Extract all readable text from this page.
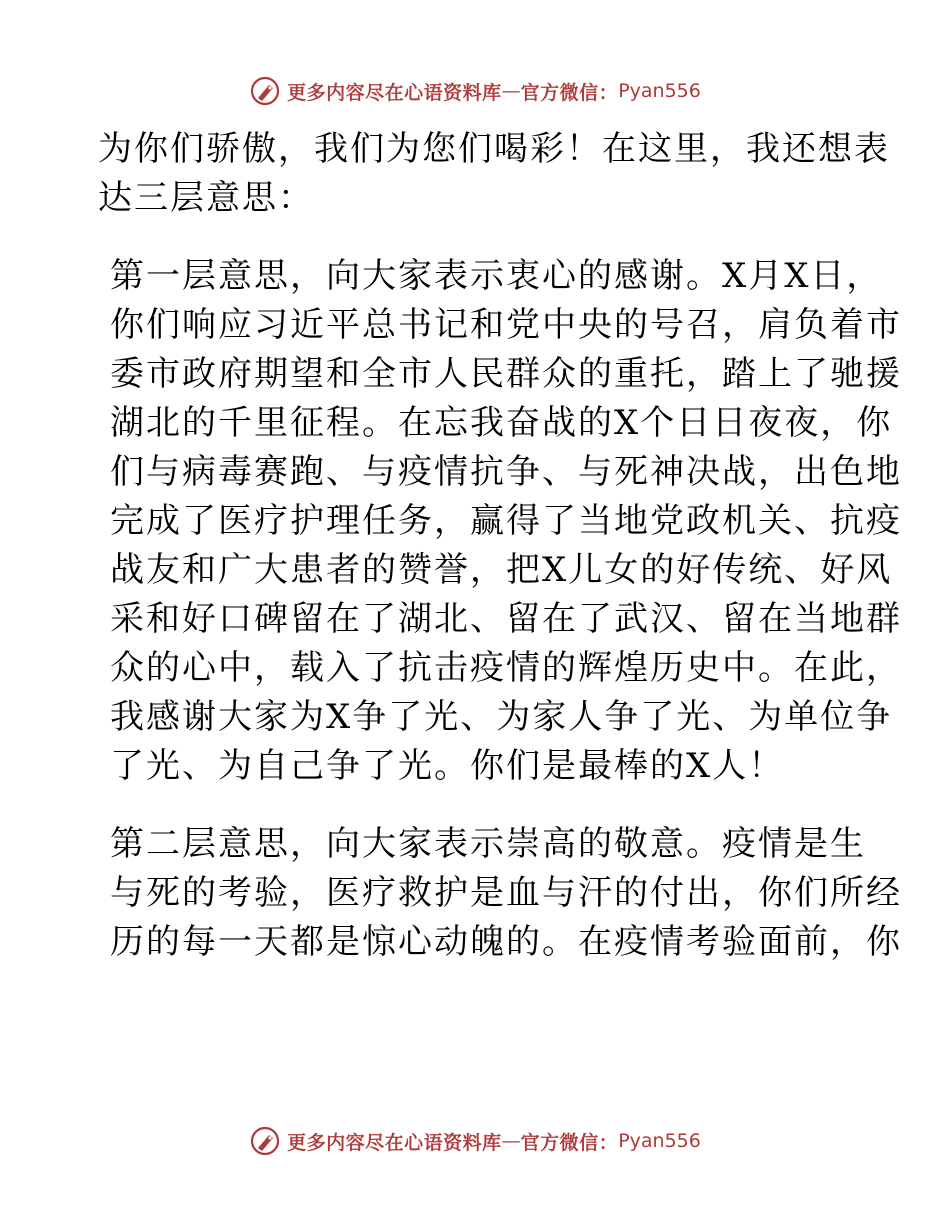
更多内容尽在心语资料库 — 官方微信： Pyan556

为你们骄傲，我们为您们喝彩！在这里，我还想表
达三层意思：

第一层意思，向大家表示衷心的感谢。X月X日，
你们响应习近平总书记和党中央的号召，肩负着市
委市政府期望和全市人民群众的重托，踏上了驰援
湖北的千里征程。在忘我奋战的X个日日夜夜，你
们与病毒赛跑、与疫情抗争、与死神决战，出色地
完成了医疗护理任务，赢得了当地党政机关、抗疫
战友和广大患者的赞誉，把X儿女的好传统、好风
采和好口碑留在了湖北、留在了武汉、留在当地群
众的心中，载入了抗击疫情的辉煌历史中。在此，
我感谢大家为X争了光、为家人争了光、为单位争
了光、为自己争了光。你们是最棒的X人！

第二层意思，向大家表示崇高的敬意。疫情是生
与死的考验，医疗救护是血与汗的付出，你们所经
历的每一天都是惊心动魄的。在疫情考验面前，你

更多内容尽在心语资料库 — 官方微信： Pyan556
